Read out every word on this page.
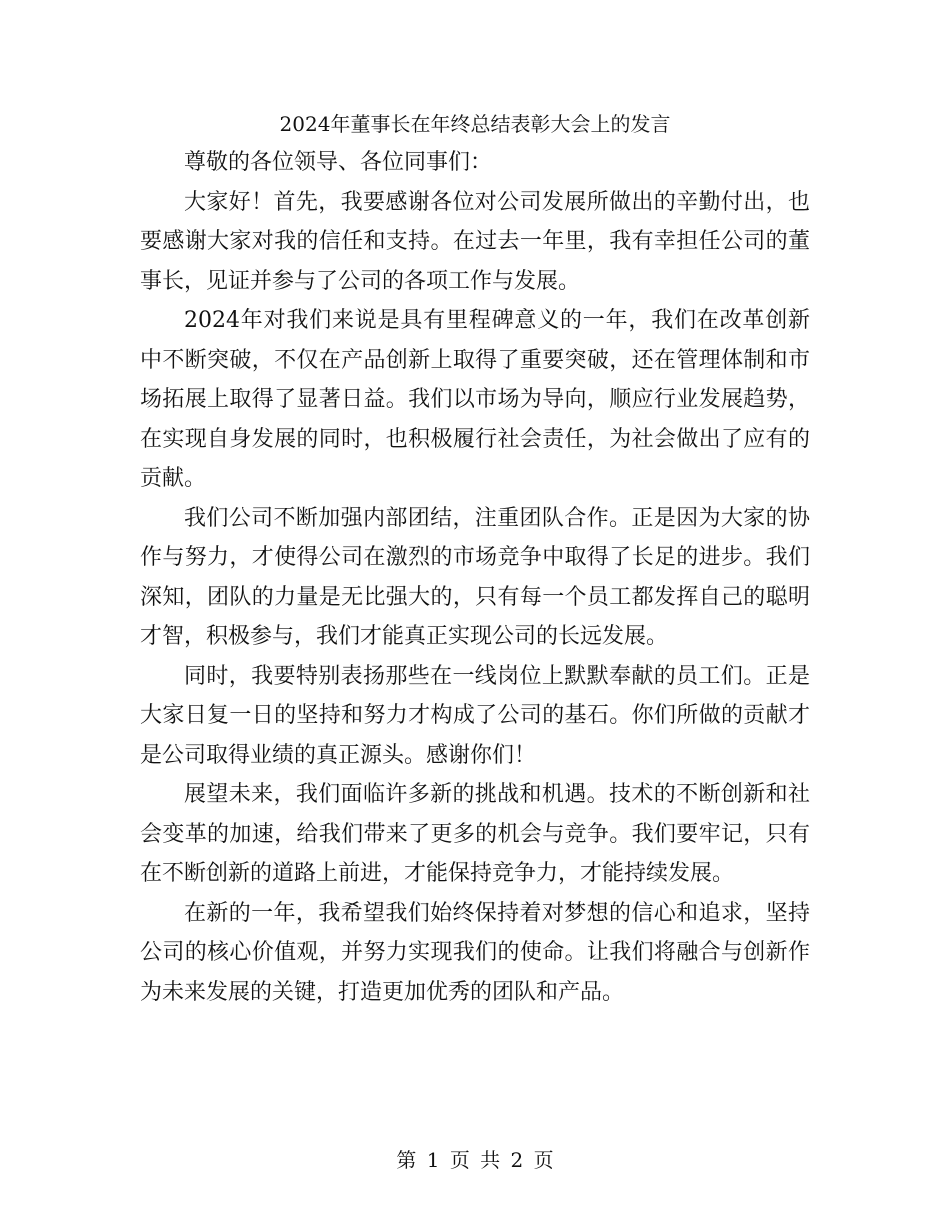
2024年董事长在年终总结表彰大会上的发言

尊敬的各位领导、各位同事们：

大家好！首先，我要感谢各位对公司发展所做出的辛勤付出，也要感谢大家对我的信任和支持。在过去一年里，我有幸担任公司的董事长，见证并参与了公司的各项工作与发展。

2024年对我们来说是具有里程碑意义的一年，我们在改革创新中不断突破，不仅在产品创新上取得了重要突破，还在管理体制和市场拓展上取得了显著日益。我们以市场为导向，顺应行业发展趋势，在实现自身发展的同时，也积极履行社会责任，为社会做出了应有的贡献。

我们公司不断加强内部团结，注重团队合作。正是因为大家的协作与努力，才使得公司在激烈的市场竞争中取得了长足的进步。我们深知，团队的力量是无比强大的，只有每一个员工都发挥自己的聪明才智，积极参与，我们才能真正实现公司的长远发展。

同时，我要特别表扬那些在一线岗位上默默奉献的员工们。正是大家日复一日的坚持和努力才构成了公司的基石。你们所做的贡献才是公司取得业绩的真正源头。感谢你们！

展望未来，我们面临许多新的挑战和机遇。技术的不断创新和社会变革的加速，给我们带来了更多的机会与竞争。我们要牢记，只有在不断创新的道路上前进，才能保持竞争力，才能持续发展。

在新的一年，我希望我们始终保持着对梦想的信心和追求，坚持公司的核心价值观，并努力实现我们的使命。让我们将融合与创新作为未来发展的关键，打造更加优秀的团队和产品。

第 1 页 共 2 页
